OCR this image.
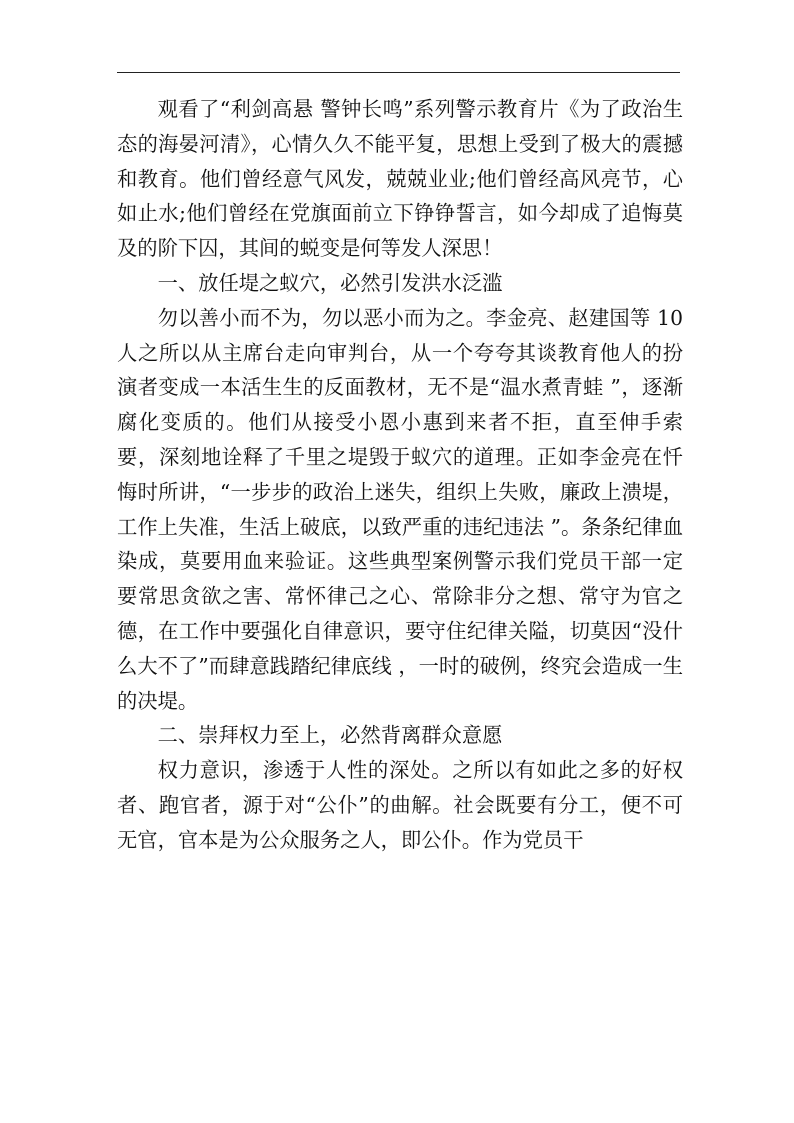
观看了“利剑高悬 警钟长鸣”系列警示教育片《为了政治生态的海晏河清》，心情久久不能平复，思想上受到了极大的震撼和教育。他们曾经意气风发，兢兢业业;他们曾经高风亮节，心如止水;他们曾经在党旗面前立下铮铮誓言，如今却成了追悔莫及的阶下囚，其间的蜕变是何等发人深思！

一、放任堤之蚁穴，必然引发洪水泛滥

勿以善小而不为，勿以恶小而为之。李金亮、赵建国等 10人之所以从主席台走向审判台，从一个夸夸其谈教育他人的扮演者变成一本活生生的反面教材，无不是“温水煮青蛙 ”，逐渐腐化变质的。他们从接受小恩小惠到来者不拒，直至伸手索要，深刻地诠释了千里之堤毁于蚁穴的道理。正如李金亮在忏悔时所讲，“一步步的政治上迷失，组织上失败，廉政上溃堤，工作上失准，生活上破底，以致严重的违纪违法 ”。条条纪律血染成，莫要用血来验证。这些典型案例警示我们党员干部一定要常思贪欲之害、常怀律己之心、常除非分之想、常守为官之德，在工作中要强化自律意识，要守住纪律关隘，切莫因“没什么大不了”而肆意践踏纪律底线 ，一时的破例，终究会造成一生的决堤。

二、崇拜权力至上，必然背离群众意愿

权力意识，渗透于人性的深处。之所以有如此之多的好权者、跑官者，源于对“公仆”的曲解。社会既要有分工，便不可无官，官本是为公众服务之人，即公仆。作为党员干
